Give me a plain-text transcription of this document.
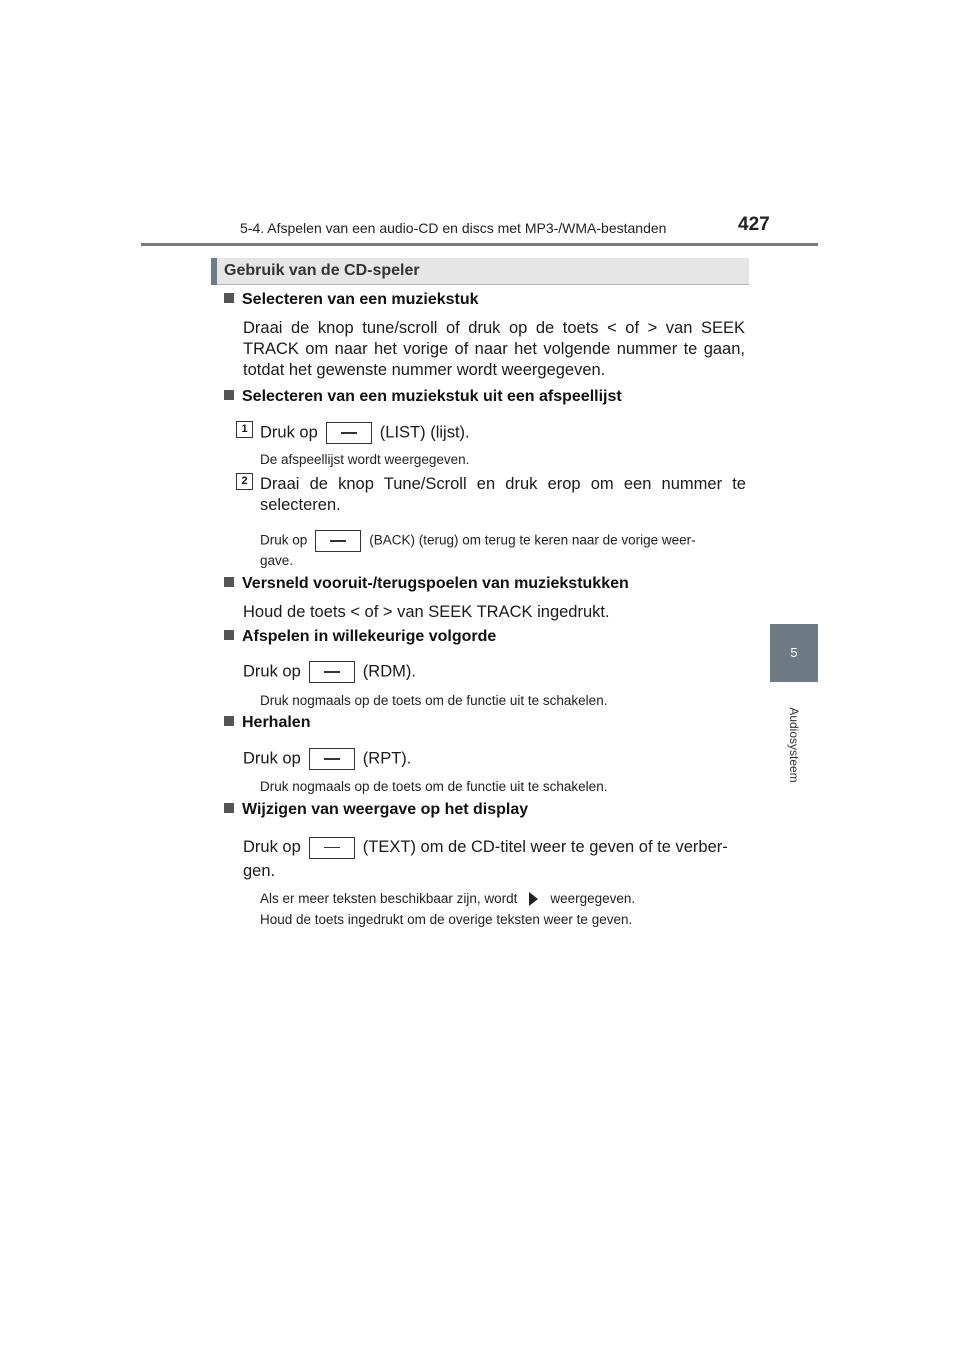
5-4. Afspelen van een audio-CD en discs met MP3-/WMA-bestanden	427
5
Audiosysteem
Gebruik van de CD-speler
Selecteren van een muziekstuk
Draai de knop tune/scroll of druk op de toets < of > van SEEK TRACK om naar het vorige of naar het volgende nummer te gaan, totdat het gewenste nummer wordt weergegeven.
Selecteren van een muziekstuk uit een afspeellijst
1 Druk op	(LIST) (lijst).
De afspeellijst wordt weergegeven.
2 Draai de knop Tune/Scroll en druk erop om een nummer te selecteren.
Druk op	(BACK) (terug) om terug te keren naar de vorige weer-
gave.
Versneld vooruit-/terugspoelen van muziekstukken
Houd de toets < of > van SEEK TRACK ingedrukt.
Afspelen in willekeurige volgorde
Druk op	(RDM).
Druk nogmaals op de toets om de functie uit te schakelen.
Herhalen
Druk op	(RPT).
Druk nogmaals op de toets om de functie uit te schakelen.
Wijzigen van weergave op het display
Druk op	(TEXT) om de CD-titel weer te geven of te verber-
gen.
Als er meer teksten beschikbaar zijn, wordt weergegeven.
Houd de toets ingedrukt om de overige teksten weer te geven.
